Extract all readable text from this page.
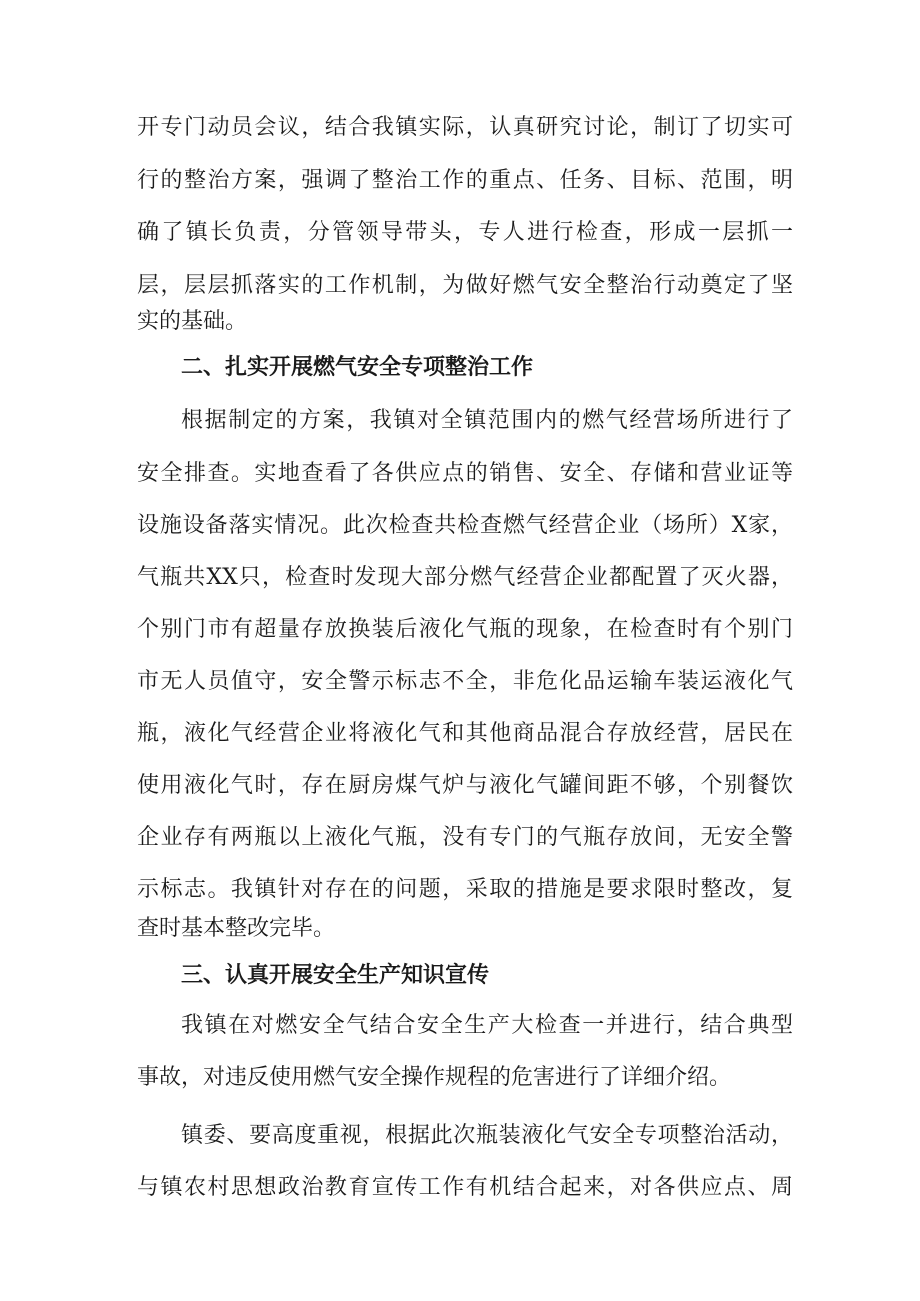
开专门动员会议，结合我镇实际，认真研究讨论，制订了切实可
行的整治方案，强调了整治工作的重点、任务、目标、范围，明
确了镇长负责，分管领导带头，专人进行检查，形成一层抓一
层，层层抓落实的工作机制，为做好燃气安全整治行动奠定了坚
实的基础。
二、扎实开展燃气安全专项整治工作
根据制定的方案，我镇对全镇范围内的燃气经营场所进行了
安全排查。实地查看了各供应点的销售、安全、存储和营业证等
设施设备落实情况。此次检查共检查燃气经营企业（场所）X家，
气瓶共XX只，检查时发现大部分燃气经营企业都配置了灭火器，
个别门市有超量存放换装后液化气瓶的现象，在检查时有个别门
市无人员值守，安全警示标志不全，非危化品运输车装运液化气
瓶，液化气经营企业将液化气和其他商品混合存放经营，居民在
使用液化气时，存在厨房煤气炉与液化气罐间距不够，个别餐饮
企业存有两瓶以上液化气瓶，没有专门的气瓶存放间，无安全警
示标志。我镇针对存在的问题，采取的措施是要求限时整改，复
查时基本整改完毕。
三、认真开展安全生产知识宣传
我镇在对燃安全气结合安全生产大检查一并进行，结合典型
事故，对违反使用燃气安全操作规程的危害进行了详细介绍。
镇委、要高度重视，根据此次瓶装液化气安全专项整治活动，
与镇农村思想政治教育宣传工作有机结合起来，对各供应点、周
